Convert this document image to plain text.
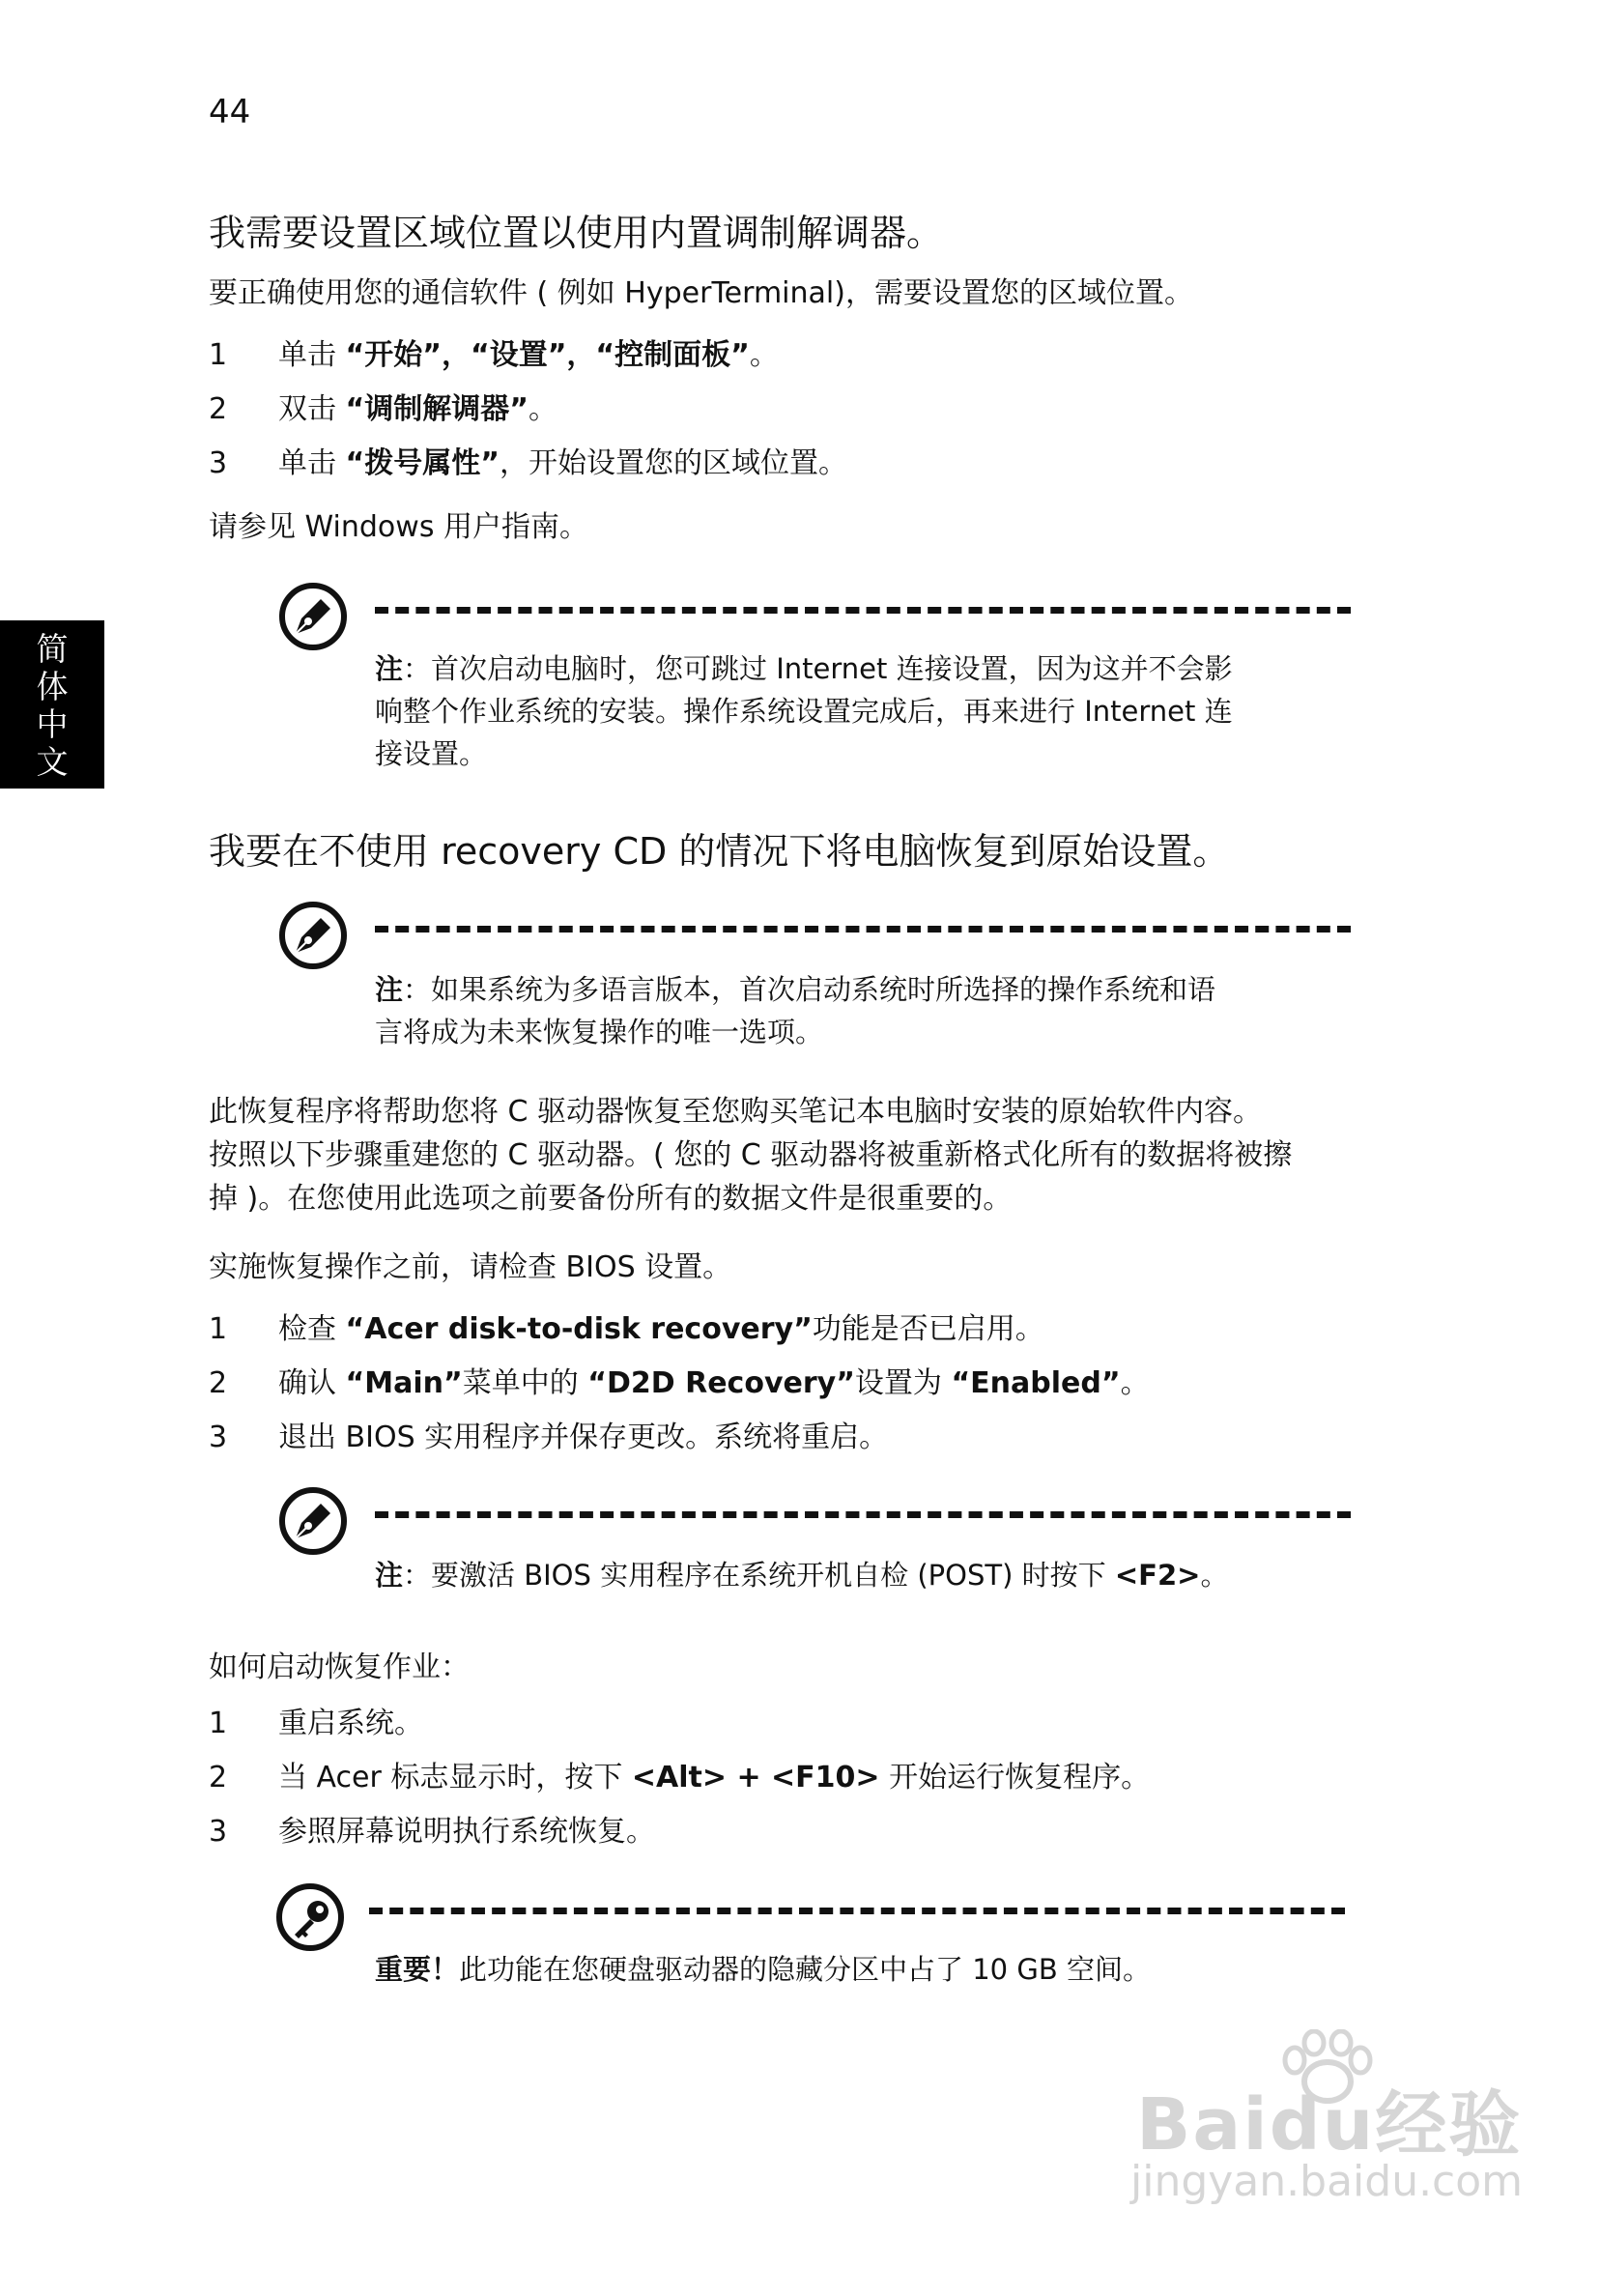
44
简
体
中
文
我需要设置区域位置以使用内置调制解调器。
要正确使用您的通信软件 ( 例如 HyperTerminal)，需要设置您的区域位置。
1 单击 “开始”，“设置”，“控制面板”。
2 双击 “调制解调器”。
3 单击 “拨号属性”，开始设置您的区域位置。
请参见 Windows 用户指南。
注：首次启动电脑时，您可跳过 Internet 连接设置，因为这并不会影
响整个作业系统的安装。操作系统设置完成后，再来进行 Internet 连
接设置。
我要在不使用 recovery CD 的情况下将电脑恢复到原始设置。
注：如果系统为多语言版本，首次启动系统时所选择的操作系统和语
言将成为未来恢复操作的唯一选项。
此恢复程序将帮助您将 C 驱动器恢复至您购买笔记本电脑时安装的原始软件内容。
按照以下步骤重建您的 C 驱动器。( 您的 C 驱动器将被重新格式化所有的数据将被擦
掉 )。在您使用此选项之前要备份所有的数据文件是很重要的。
实施恢复操作之前，请检查 BIOS 设置。
1 检查 “Acer disk-to-disk recovery”功能是否已启用。
2 确认 “Main”菜单中的 “D2D Recovery”设置为 “Enabled”。
3 退出 BIOS 实用程序并保存更改。系统将重启。
注：要激活 BIOS 实用程序在系统开机自检 (POST) 时按下 <F2>。
如何启动恢复作业：
1 重启系统。
2 当 Acer 标志显示时，按下 <Alt> + <F10> 开始运行恢复程序。
3 参照屏幕说明执行系统恢复。
重要！此功能在您硬盘驱动器的隐藏分区中占了 10 GB 空间。
Baidu经验
jingyan.baidu.com
